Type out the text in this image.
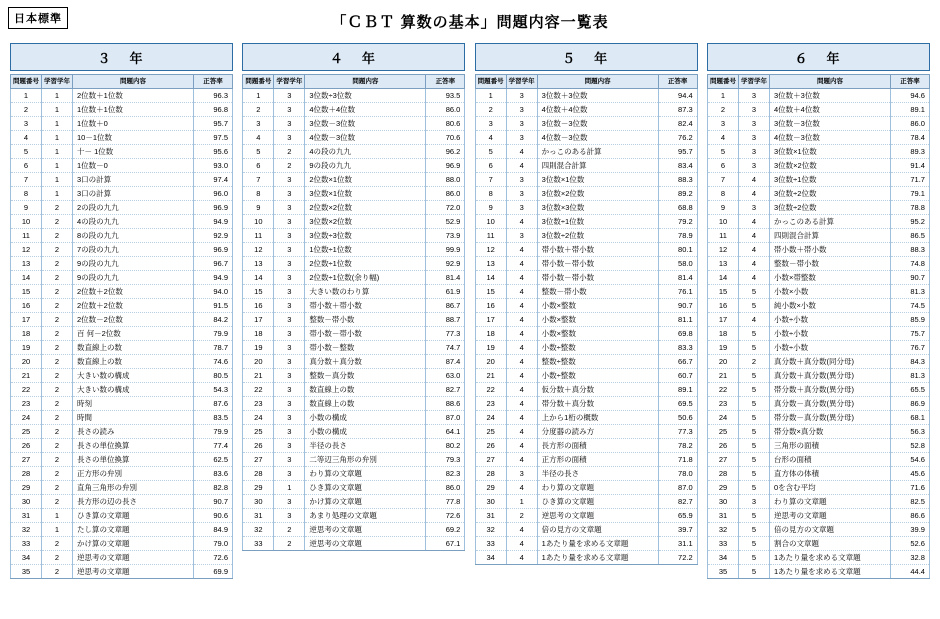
日本標準	「ＣＢＴ 算数の基本」問題内容一覧表
３　年
問題番号	学習学年	問題内容	正答率
1	1	2位数＋1位数	96.3
2	1	1位数＋1位数	96.8
3	1	1位数＋0	95.7
4	1	10－1位数	97.5
5	1	十－ 1位数	95.6
6	1	1位数－0	93.0
7	1	3口の計算	97.4
8	1	3口の計算	96.0
9	2	2の段の九九	96.9
10	2	4の段の九九	94.9
11	2	8の段の九九	92.9
12	2	7の段の九九	96.9
13	2	9の段の九九	96.7
14	2	9の段の九九	94.9
15	2	2位数＋2位数	94.0
16	2	2位数＋2位数	91.5
17	2	2位数－2位数	84.2
18	2	百 何－2位数	79.9
19	2	数直線上の数	78.7
20	2	数直線上の数	74.6
21	2	大きい数の構成	80.5
22	2	大きい数の構成	54.3
23	2	時刻	87.6
24	2	時間	83.5
25	2	長さの読み	79.9
26	2	長さの単位換算	77.4
27	2	長さの単位換算	62.5
28	2	正方形の弁別	83.6
29	2	直角三角形の弁別	82.8
30	2	長方形の辺の長さ	90.7
31	1	ひき算の文章題	90.6
32	1	たし算の文章題	84.9
33	2	かけ算の文章題	79.0
34	2	逆思考の文章題	72.6
35	2	逆思考の文章題	69.9
４　年
問題番号	学習学年	問題内容	正答率
1	3	3位数÷3位数	93.5
2	3	4位数＋4位数	86.0
3	3	3位数－3位数	80.6
4	3	4位数－3位数	70.6
5	2	4の段の九九	96.2
6	2	9の段の九九	96.9
7	3	2位数×1位数	88.0
8	3	3位数×1位数	86.0
9	3	2位数×2位数	72.0
10	3	3位数×2位数	52.9
11	3	3位数÷3位数	73.9
12	3	1位数÷1位数	99.9
13	3	2位数÷1位数	92.9
14	3	2位数÷1位数(余り幅)	81.4
15	3	大きい数のわり算	61.9
16	3	帯小数＋帯小数	86.7
17	3	整数－帯小数	88.7
18	3	帯小数－帯小数	77.3
19	3	帯小数－整数	74.7
20	3	真分数＋真分数	87.4
21	3	整数－真分数	63.0
22	3	数直線上の数	82.7
23	3	数直線上の数	88.6
24	3	小数の構成	87.0
25	3	小数の構成	64.1
26	3	半径の長さ	80.2
27	3	二等辺三角形の弁別	79.3
28	3	わり算の文章題	82.3
29	1	ひき算の文章題	86.0
30	3	かけ算の文章題	77.8
31	3	あまり処理の文章題	72.6
32	2	逆思考の文章題	69.2
33	2	逆思考の文章題	67.1
５　年
問題番号	学習学年	問題内容	正答率
1	3	3位数＋3位数	94.4
2	3	4位数＋4位数	87.3
3	3	3位数－3位数	82.4
4	3	4位数－3位数	76.2
5	4	かっこのある計算	95.7
6	4	四則混合計算	83.4
7	3	3位数×1位数	88.3
8	3	3位数×2位数	89.2
9	3	3位数×3位数	68.8
10	4	3位数÷1位数	79.2
11	3	3位数÷2位数	78.9
12	4	帯小数＋帯小数	80.1
13	4	帯小数－帯小数	58.0
14	4	帯小数－帯小数	81.4
15	4	整数－帯小数	76.1
16	4	小数×整数	90.7
17	4	小数×整数	81.1
18	4	小数×整数	69.8
19	4	小数÷整数	83.3
20	4	整数÷整数	66.7
21	4	小数÷整数	60.7
22	4	仮分数＋真分数	89.1
23	4	帯分数＋真分数	69.5
24	4	上から1桁の概数	50.6
25	4	分度器の読み方	77.3
26	4	長方形の面積	78.2
27	4	正方形の面積	71.8
28	3	半径の長さ	78.0
29	4	わり算の文章題	87.0
30	1	ひき算の文章題	82.7
31	2	逆思考の文章題	65.9
32	4	倍の見方の文章題	39.7
33	4	1あたり量を求める文章題	31.1
34	4	1あたり量を求める文章題	72.2
６　年
問題番号	学習学年	問題内容	正答率
1	3	3位数＋3位数	94.6
2	3	4位数＋4位数	89.1
3	3	3位数－3位数	86.0
4	3	4位数－3位数	78.4
5	3	3位数×1位数	89.3
6	3	3位数×2位数	91.4
7	4	3位数÷1位数	71.7
8	4	3位数÷2位数	79.1
9	3	3位数÷2位数	78.8
10	4	かっこのある計算	95.2
11	4	四則混合計算	86.5
12	4	帯小数＋帯小数	88.3
13	4	整数－帯小数	74.8
14	4	小数×帯整数	90.7
15	5	小数×小数	81.3
16	5	純小数×小数	74.5
17	4	小数÷小数	85.9
18	5	小数÷小数	75.7
19	5	小数÷小数	76.7
20	2	真分数＋真分数(同分母)	84.3
21	5	真分数＋真分数(異分母)	81.3
22	5	帯分数＋真分数(異分母)	65.5
23	5	真分数－真分数(異分母)	86.9
24	5	帯分数－真分数(異分母)	68.1
25	5	帯分数×真分数	56.3
26	5	三角形の面積	52.8
27	5	台形の面積	54.6
28	5	直方体の体積	45.6
29	5	0を含む平均	71.6
30	3	わり算の文章題	82.5
31	5	逆思考の文章題	86.6
32	5	倍の見方の文章題	39.9
33	5	割合の文章題	52.6
34	5	1あたり量を求める文章題	32.8
35	5	1あたり量を求める文章題	44.4
